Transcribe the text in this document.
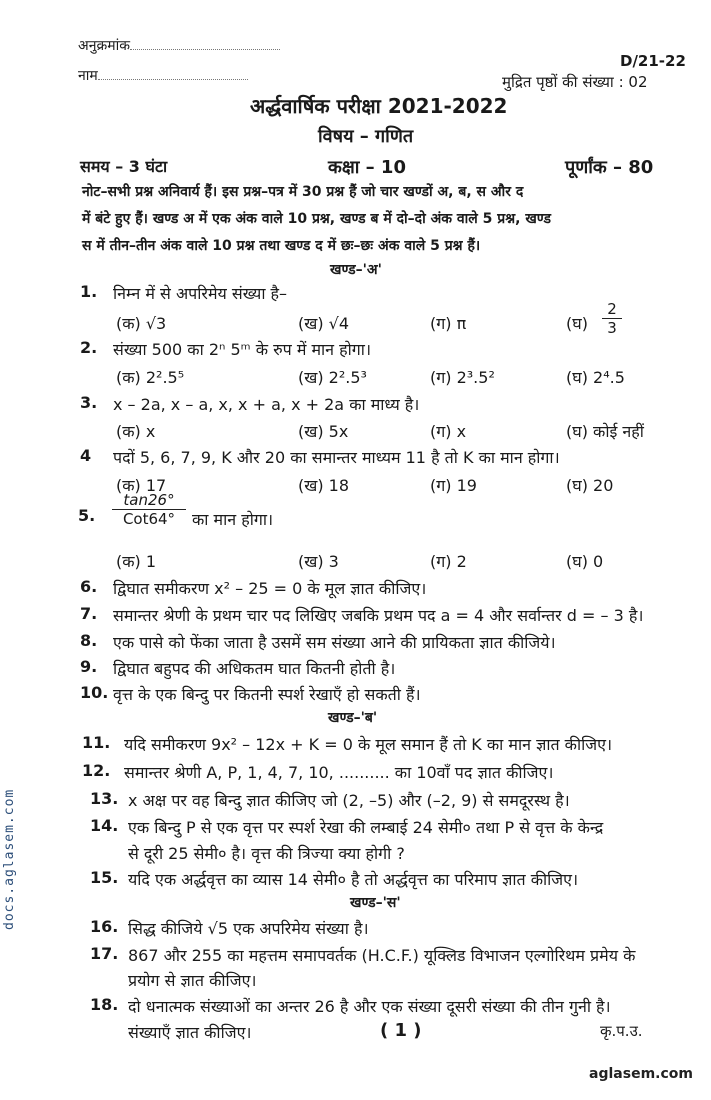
अनुक्रमांक
नाम
D/21-22
मुद्रित पृष्ठों की संख्या : 02
अर्द्धवार्षिक परीक्षा 2021-2022
विषय – गणित
समय – 3 घंटा	कक्षा – 10	पूर्णांक – 80
नोट–सभी प्रश्न अनिवार्य हैं। इस प्रश्न–पत्र में 30 प्रश्न हैं जो चार खण्डों अ, ब, स और द
में बंटे हुए हैं। खण्ड अ में एक अंक वाले 10 प्रश्न, खण्ड ब में दो–दो अंक वाले 5 प्रश्न, खण्ड
स में तीन–तीन अंक वाले 10 प्रश्न तथा खण्ड द में छः–छः अंक वाले 5 प्रश्न हैं।
खण्ड–'अ'
1. निम्न में से अपरिमेय संख्या है–
(क) √3	(ख) √4	(ग) π	(घ) $\frac{2}{3}$
2. संख्या 500 का 2ⁿ 5ᵐ के रुप में मान होगा।
(क) 2².5⁵	(ख) 2².5³	(ग) 2³.5²	(घ) 2⁴.5
3. x – 2a, x – a, x, x + a, x + 2a का माध्य है।
(क) x	(ख) 5x	(ग) x	(घ) कोई नहीं
4 पदों 5, 6, 7, 9, K और 20 का समान्तर माध्यम 11 है तो K का मान होगा।
(क) 17	(ख) 18	(ग) 19	(घ) 20
5.
tan26°
Cot64°	का मान होगा।
(क) 1	(ख) 3	(ग) 2	(घ) 0
6. द्विघात समीकरण x² – 25 = 0 के मूल ज्ञात कीजिए।
7. समान्तर श्रेणी के प्रथम चार पद लिखिए जबकि प्रथम पद a = 4 और सर्वान्तर d = – 3 है।
8. एक पासे को फेंका जाता है उसमें सम संख्या आने की प्रायिकता ज्ञात कीजिये।
9. द्विघात बहुपद की अधिकतम घात कितनी होती है।
10. वृत्त के एक बिन्दु पर कितनी स्पर्श रेखाएँ हो सकती हैं।
खण्ड–'ब'
11. यदि समीकरण 9x² – 12x + K = 0 के मूल समान हैं तो K का मान ज्ञात कीजिए।
12. समान्तर श्रेणी A, P, 1, 4, 7, 10, .......... का 10वाँ पद ज्ञात कीजिए।
13. x अक्ष पर वह बिन्दु ज्ञात कीजिए जो (2, –5) और (–2, 9) से समदूरस्थ है।
14. एक बिन्दु P से एक वृत्त पर स्पर्श रेखा की लम्बाई 24 सेमी० तथा P से वृत्त के केन्द्र
से दूरी 25 सेमी० है। वृत्त की त्रिज्या क्या होगी ?
15. यदि एक अर्द्धवृत्त का व्यास 14 सेमी० है तो अर्द्धवृत्त का परिमाप ज्ञात कीजिए।
खण्ड–'स'
16. सिद्ध कीजिये √5 एक अपरिमेय संख्या है।
17. 867 और 255 का महत्तम समापवर्तक (H.C.F.) यूक्लिड विभाजन एल्गोरिथम प्रमेय के
प्रयोग से ज्ञात कीजिए।
18. दो धनात्मक संख्याओं का अन्तर 26 है और एक संख्या दूसरी संख्या की तीन गुनी है।
संख्याएँ ज्ञात कीजिए।	( 1 )	कृ.प.उ.
docs.aglasem.com
aglasem.com
